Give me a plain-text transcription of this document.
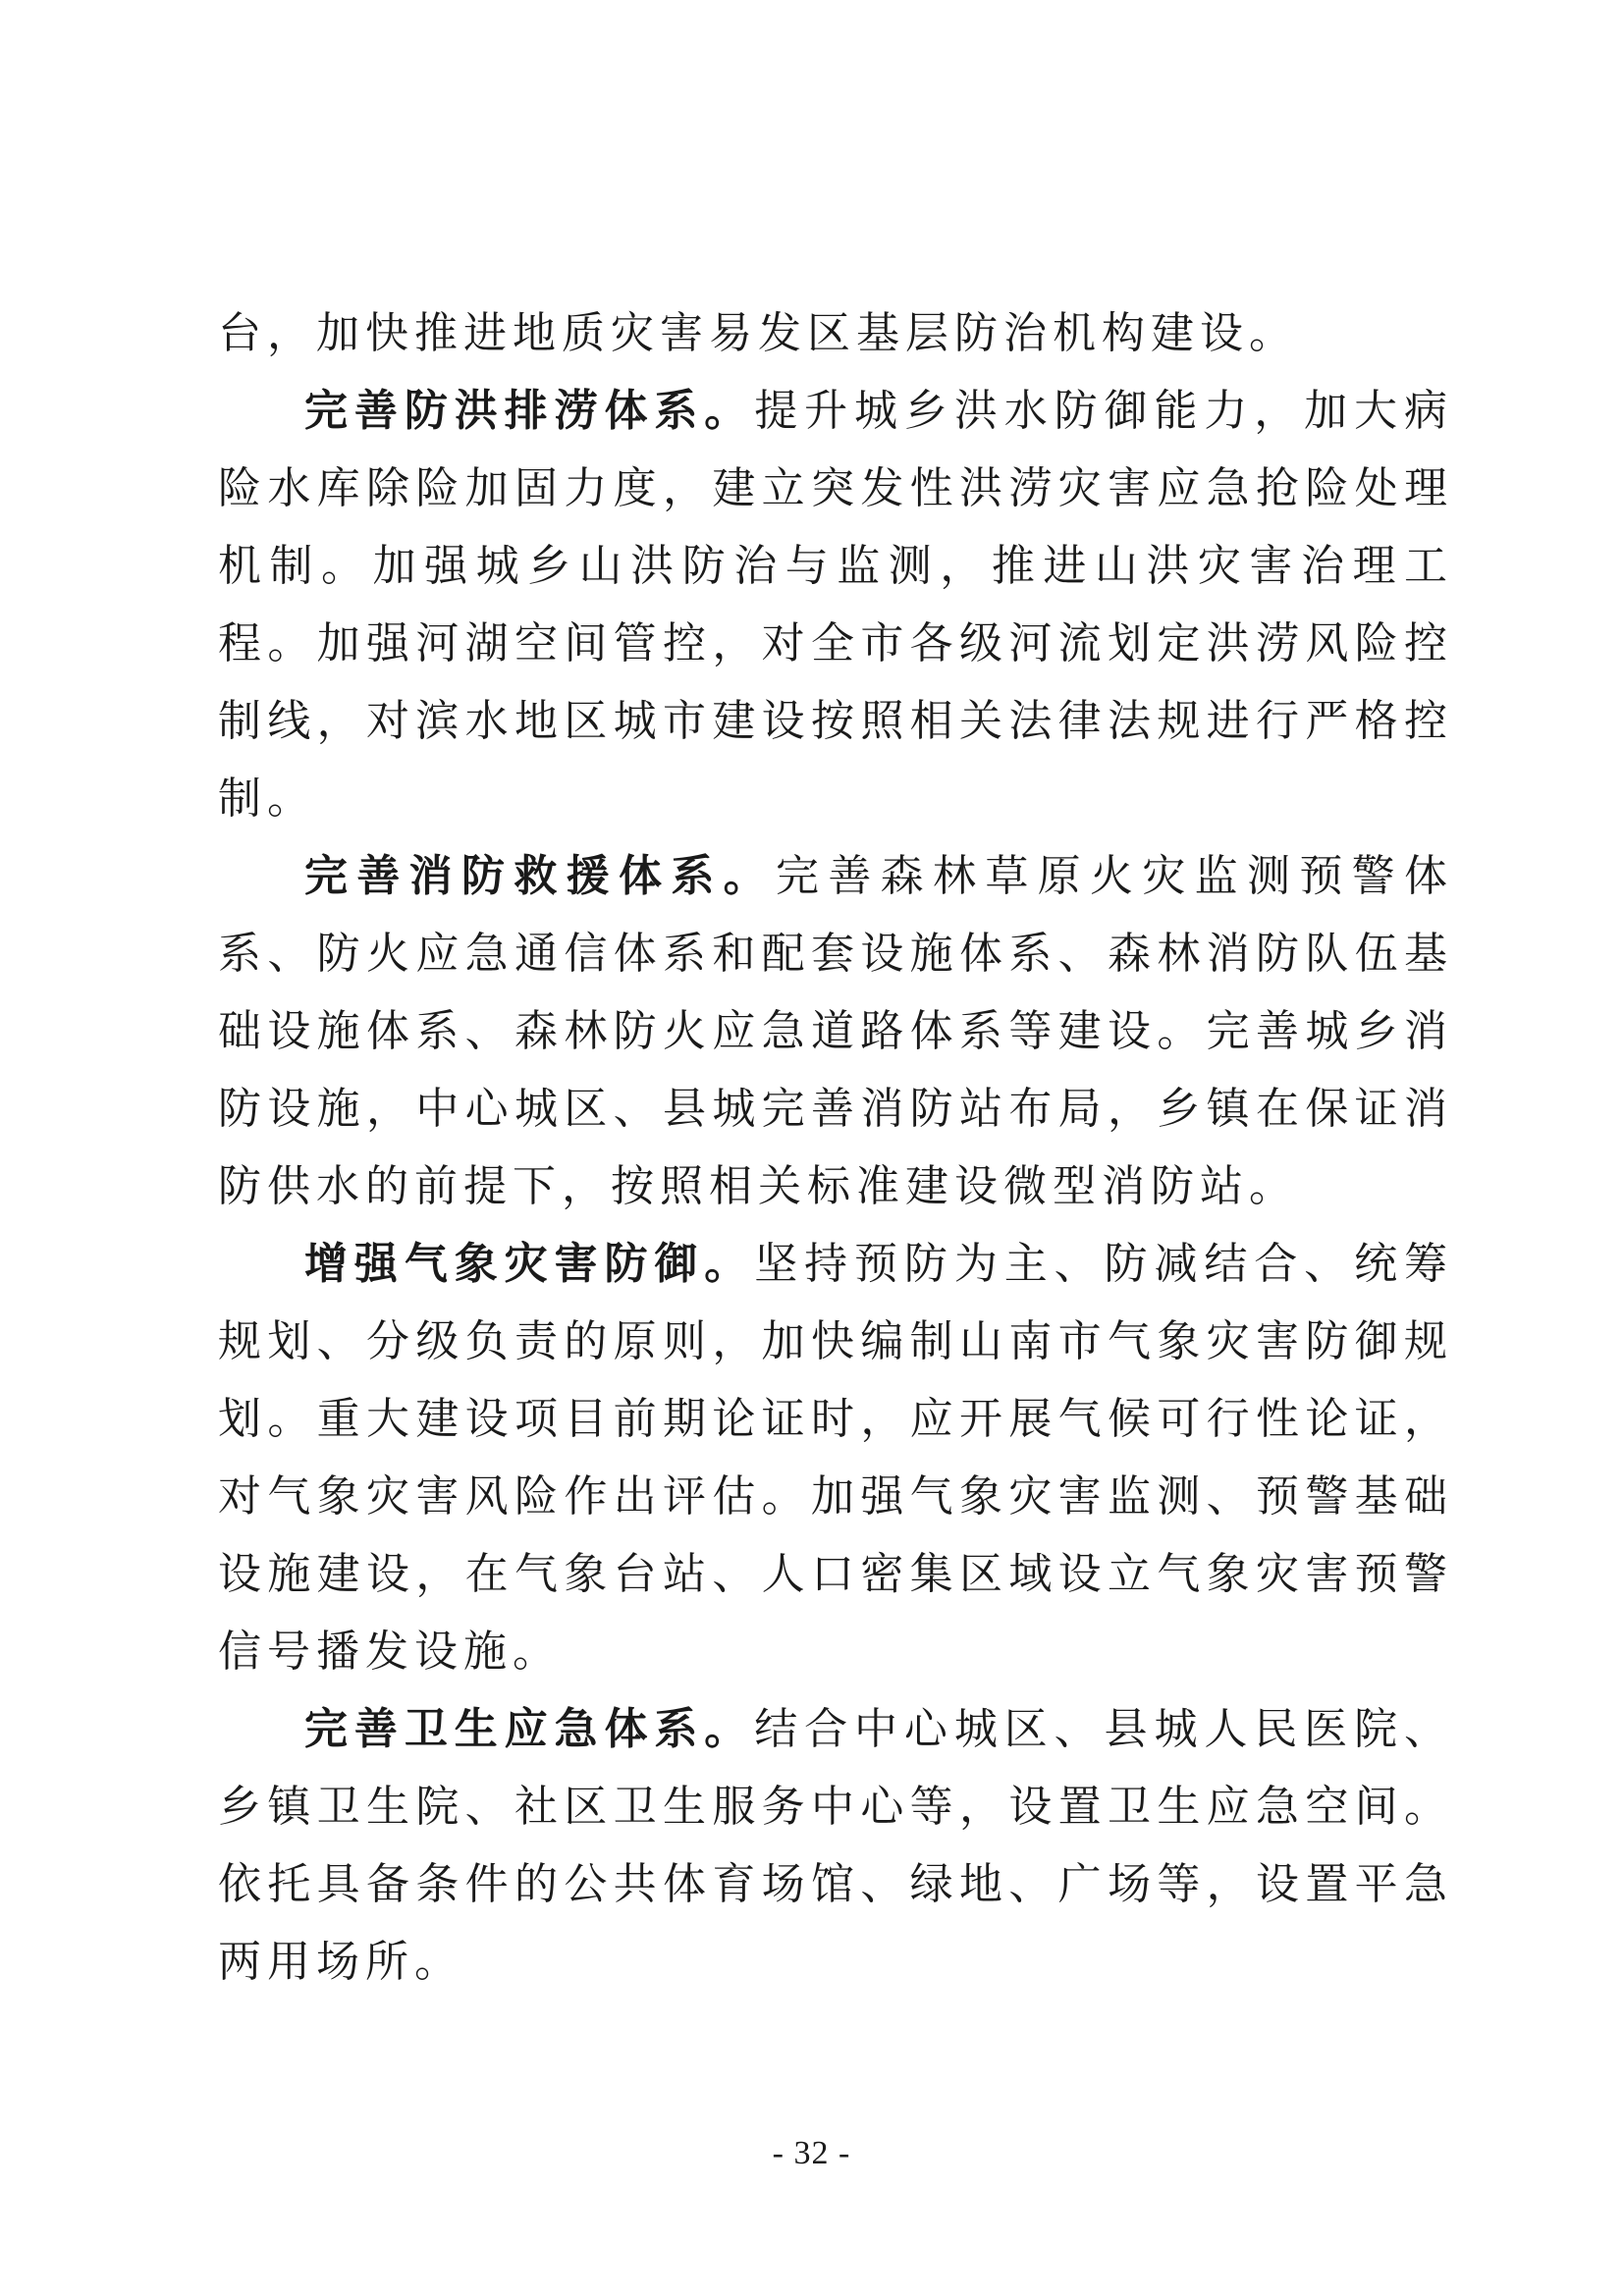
台，加快推进地质灾害易发区基层防治机构建设。

完善防洪排涝体系。提升城乡洪水防御能力，加大病险水库除险加固力度，建立突发性洪涝灾害应急抢险处理机制。加强城乡山洪防治与监测，推进山洪灾害治理工程。加强河湖空间管控，对全市各级河流划定洪涝风险控制线，对滨水地区城市建设按照相关法律法规进行严格控制。

完善消防救援体系。完善森林草原火灾监测预警体系、防火应急通信体系和配套设施体系、森林消防队伍基础设施体系、森林防火应急道路体系等建设。完善城乡消防设施，中心城区、县城完善消防站布局，乡镇在保证消防供水的前提下，按照相关标准建设微型消防站。

增强气象灾害防御。坚持预防为主、防减结合、统筹规划、分级负责的原则，加快编制山南市气象灾害防御规划。重大建设项目前期论证时，应开展气候可行性论证，对气象灾害风险作出评估。加强气象灾害监测、预警基础设施建设，在气象台站、人口密集区域设立气象灾害预警信号播发设施。

完善卫生应急体系。结合中心城区、县城人民医院、乡镇卫生院、社区卫生服务中心等，设置卫生应急空间。依托具备条件的公共体育场馆、绿地、广场等，设置平急两用场所。

- 32 -
